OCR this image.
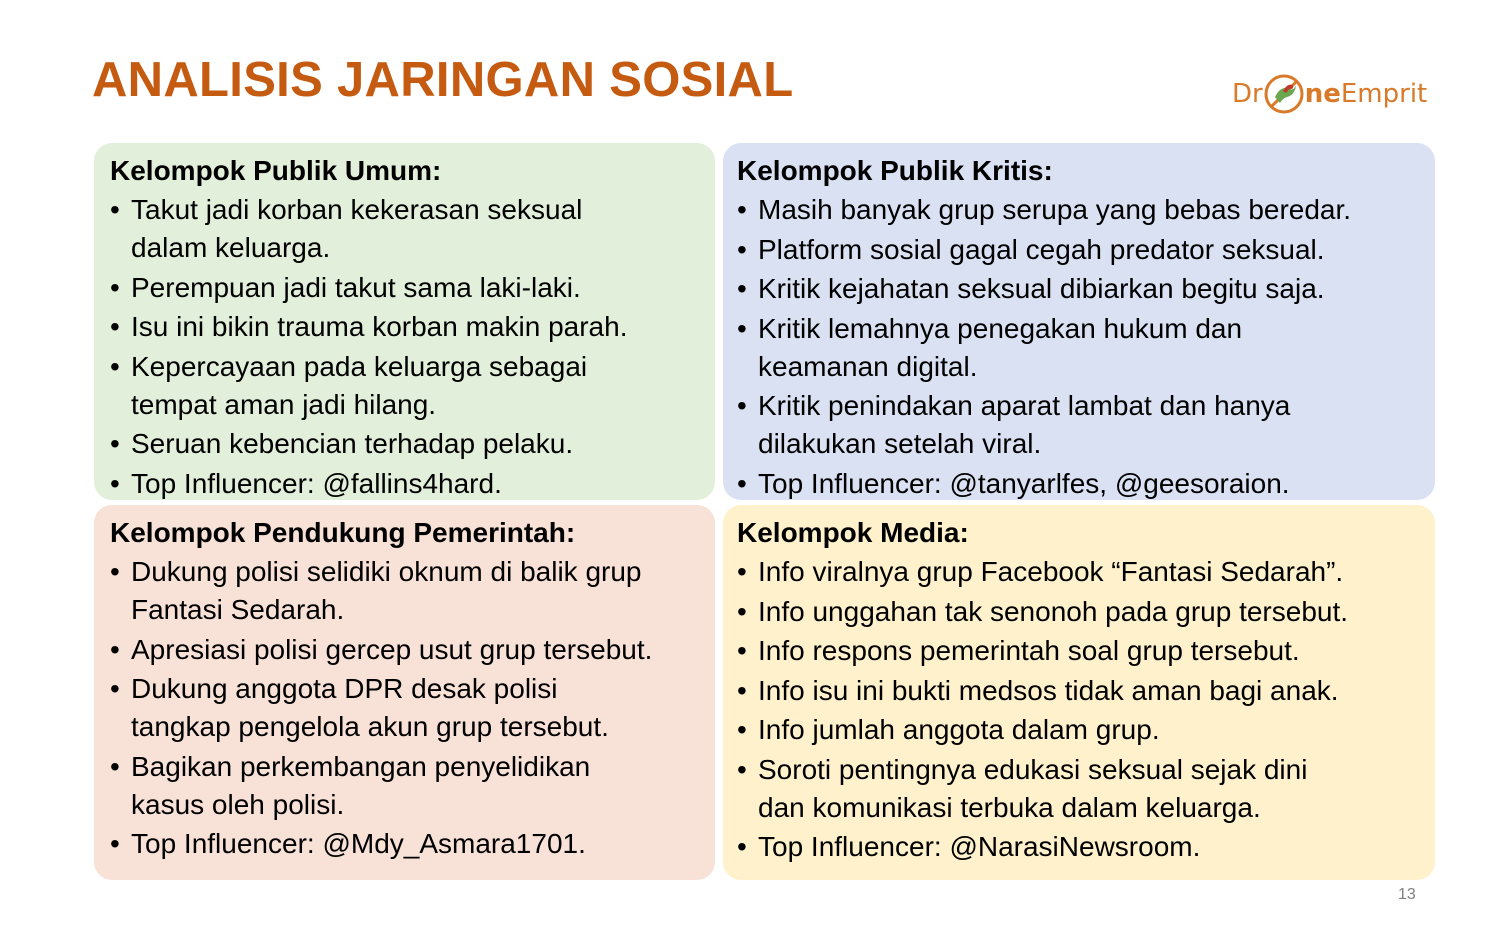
ANALISIS JARINGAN SOSIAL	Dr ne Emprit
Kelompok Publik Umum:
• Takut jadi korban kekerasan seksual
dalam keluarga.
• Perempuan jadi takut sama laki-laki.
• Isu ini bikin trauma korban makin parah.
• Kepercayaan pada keluarga sebagai
tempat aman jadi hilang.
• Seruan kebencian terhadap pelaku.
• Top Influencer: @fallins4hard.
Kelompok Publik Kritis:
• Masih banyak grup serupa yang bebas beredar.
• Platform sosial gagal cegah predator seksual.
• Kritik kejahatan seksual dibiarkan begitu saja.
• Kritik lemahnya penegakan hukum dan
keamanan digital.
• Kritik penindakan aparat lambat dan hanya
dilakukan setelah viral.
• Top Influencer: @tanyarlfes, @geesoraion.
Kelompok Pendukung Pemerintah:
• Dukung polisi selidiki oknum di balik grup
Fantasi Sedarah.
• Apresiasi polisi gercep usut grup tersebut.
• Dukung anggota DPR desak polisi
tangkap pengelola akun grup tersebut.
• Bagikan perkembangan penyelidikan
kasus oleh polisi.
• Top Influencer: @Mdy_Asmara1701.
Kelompok Media:
• Info viralnya grup Facebook “Fantasi Sedarah”.
• Info unggahan tak senonoh pada grup tersebut.
• Info respons pemerintah soal grup tersebut.
• Info isu ini bukti medsos tidak aman bagi anak.
• Info jumlah anggota dalam grup.
• Soroti pentingnya edukasi seksual sejak dini
dan komunikasi terbuka dalam keluarga.
• Top Influencer: @NarasiNewsroom.
13
